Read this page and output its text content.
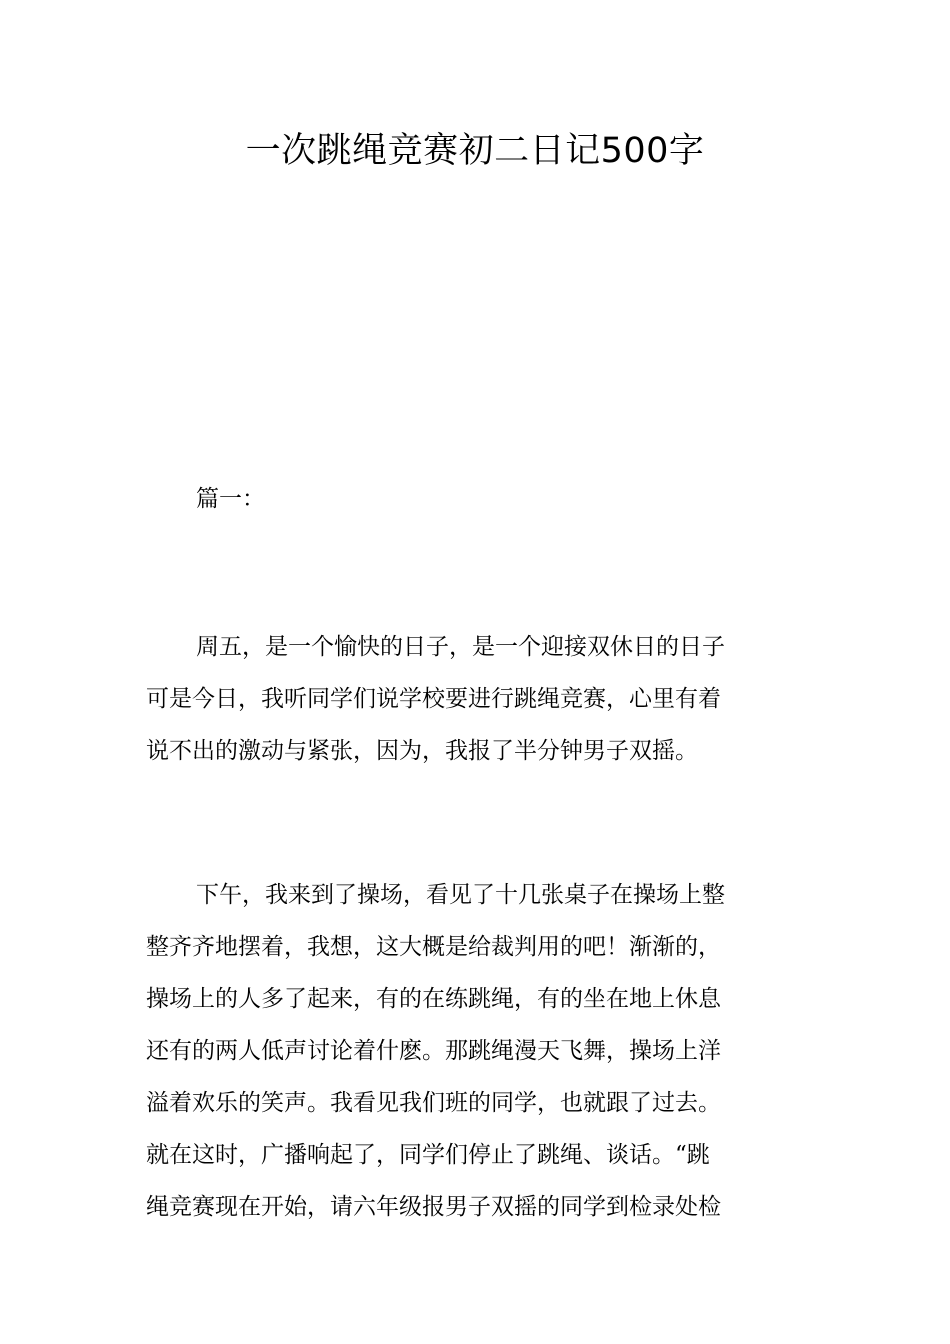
一次跳绳竞赛初二日记500字
篇一：
周五，是一个愉快的日子，是一个迎接双休日的日子
可是今日，我听同学们说学校要进行跳绳竞赛，心里有着
说不出的激动与紧张，因为，我报了半分钟男子双摇。
下午，我来到了操场，看见了十几张桌子在操场上整
整齐齐地摆着，我想，这大概是给裁判用的吧！渐渐的，
操场上的人多了起来，有的在练跳绳，有的坐在地上休息
还有的两人低声讨论着什麽。那跳绳漫天飞舞，操场上洋
溢着欢乐的笑声。我看见我们班的同学，也就跟了过去。
就在这时，广播响起了，同学们停止了跳绳、谈话。“跳
绳竞赛现在开始，请六年级报男子双摇的同学到检录处检
